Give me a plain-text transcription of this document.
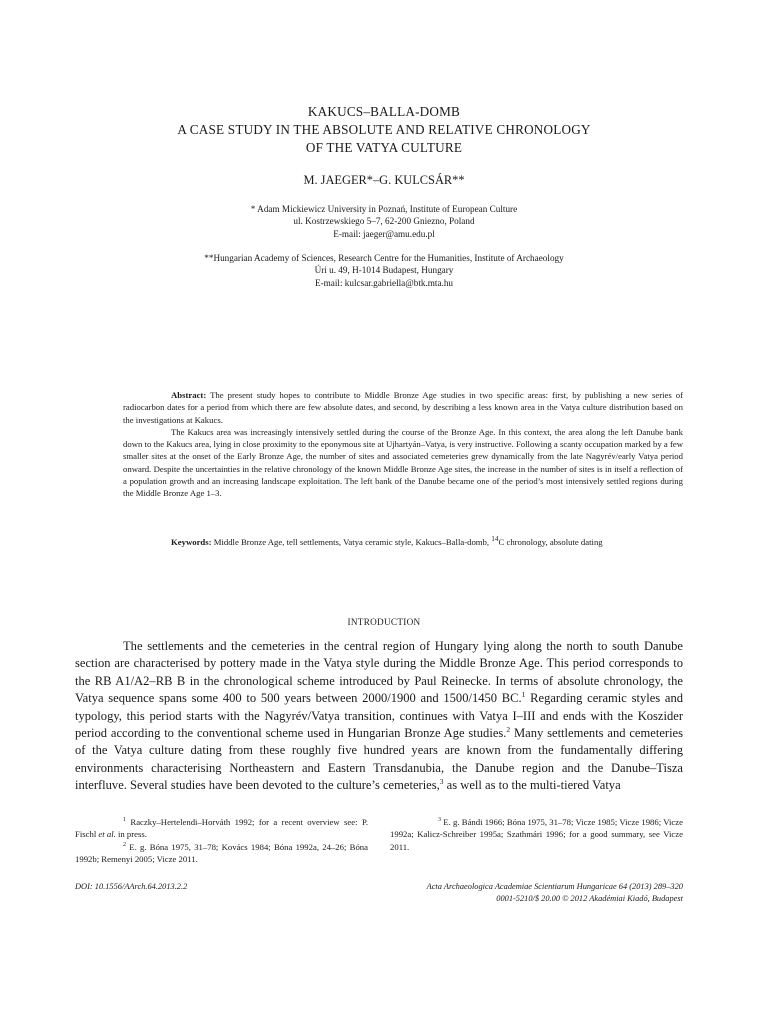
KAKUCS–BALLA-DOMB
A CASE STUDY IN THE ABSOLUTE AND RELATIVE CHRONOLOGY
OF THE VATYA CULTURE
M. JAEGER*–G. KULCSÁR**
* Adam Mickiewicz University in Poznań, Institute of European Culture
ul. Kostrzewskiego 5–7, 62-200 Gniezno, Poland
E-mail: jaeger@amu.edu.pl
**Hungarian Academy of Sciences, Research Centre for the Humanities, Institute of Archaeology
Úri u. 49, H-1014 Budapest, Hungary
E-mail: kulcsar.gabriella@btk.mta.hu

Abstract: The present study hopes to contribute to Middle Bronze Age studies in two specific areas: first, by publishing a new series of radiocarbon dates for a period from which there are few absolute dates, and second, by describing a less known area in the Vatya culture distribution based on the investigations at Kakucs.

The Kakucs area was increasingly intensively settled during the course of the Bronze Age. In this context, the area along the left Danube bank down to the Kakucs area, lying in close proximity to the eponymous site at Ujhartyán–Vatya, is very instructive. Following a scanty occupation marked by a few smaller sites at the onset of the Early Bronze Age, the number of sites and associated cemeteries grew dynamically from the late Nagyrév/early Vatya period onward. Despite the uncertainties in the relative chronology of the known Middle Bronze Age sites, the increase in the number of sites is in itself a reflection of a population growth and an increasing landscape exploitation. The left bank of the Danube became one of the period’s most intensively settled regions during the Middle Bronze Age 1–3.

Keywords: Middle Bronze Age, tell settlements, Vatya ceramic style, Kakucs–Balla-domb, $^{14}$C chronology, absolute dating
INTRODUCTION

The settlements and the cemeteries in the central region of Hungary lying along the north to south Danube section are characterised by pottery made in the Vatya style during the Middle Bronze Age. This period corresponds to the RB A1/A2–RB B in the chronological scheme introduced by Paul Reinecke. In terms of absolute chronology, the Vatya sequence spans some 400 to 500 years between 2000/1900 and 1500/1450 BC.$^1$ Regarding ceramic styles and typology, this period starts with the Nagyrév/Vatya transition, continues with Vatya I–III and ends with the Koszider period according to the conventional scheme used in Hungarian Bronze Age studies.$^2$ Many settlements and cemeteries of the Vatya culture dating from these roughly five hundred years are known from the fundamentally differing environments characterising Northeastern and Eastern Transdanubia, the Danube region and the Danube–Tisza interfluve. Several studies have been devoted to the culture’s cemeteries,$^3$ as well as to the multi-tiered Vatya

$^1$ Raczky–Hertelendi–Horváth 1992; for a recent overview see: P. Fischl et al. in press.

$^2$ E. g. Bóna 1975, 31–78; Kovács 1984; Bóna 1992a, 24–26; Bóna 1992b; Remenyi 2005; Vicze 2011.

$^3$ E. g. Bándi 1966; Bóna 1975, 31–78; Vicze 1985; Vicze 1986; Vicze 1992a; Kalicz-Schreiber 1995a; Szathmári 1996; for a good summary, see Vicze 2011.

DOI: 10.1556/AArch.64.2013.2.2	Acta Archaeologica Academiae Scientiarum Hungaricae 64 (2013) 289–320
0001-5210/$ 20.00 © 2012 Akadémiai Kiadó, Budapest
